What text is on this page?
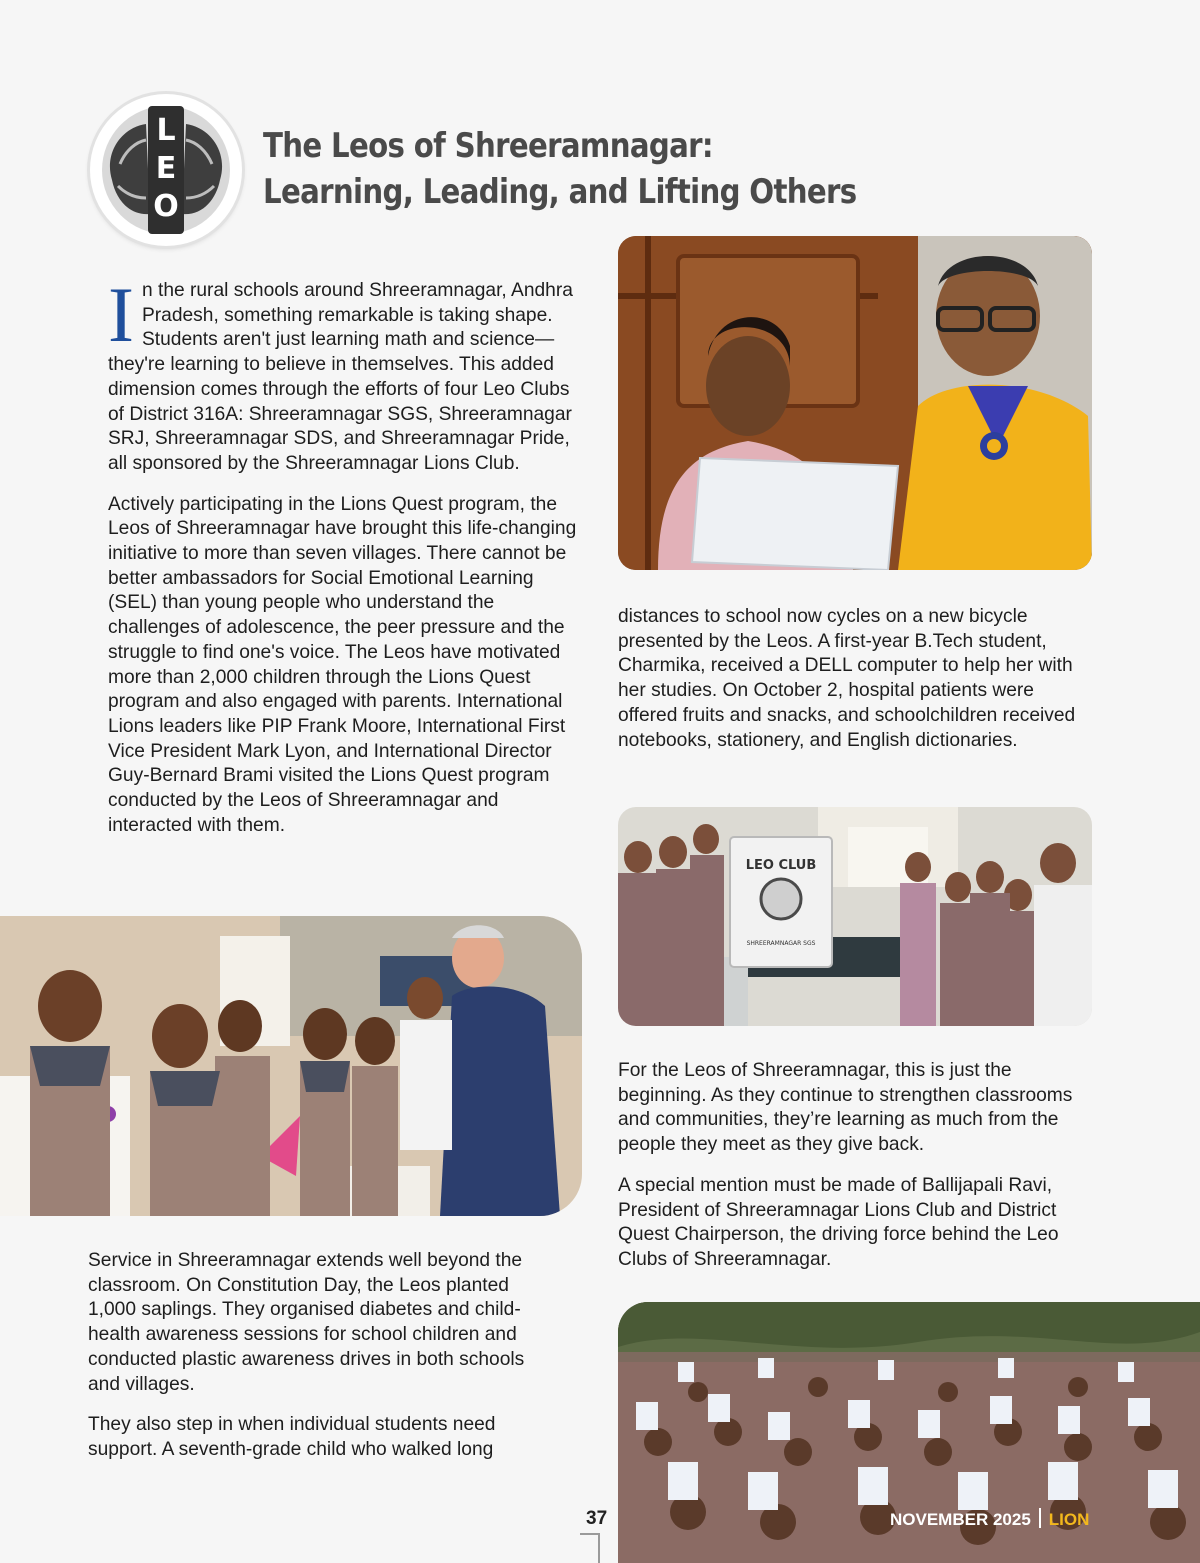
L
E
O
The Leos of Shreeramnagar:
Learning, Leading, and Lifting Others

In the rural schools around Shreeramnagar, Andhra Pradesh, something remarkable is taking shape. Students aren't just learning math and science— they're learning to believe in themselves. This added dimension comes through the efforts of four Leo Clubs of District 316A: Shreeramnagar SGS, Shreeramnagar SRJ, Shreeramnagar SDS, and Shreeramnagar Pride, all sponsored by the Shreeramnagar Lions Club.

Actively participating in the Lions Quest program, the Leos of Shreeramnagar have brought this life-changing initiative to more than seven villages. There cannot be better ambassadors for Social Emotional Learning (SEL) than young people who understand the challenges of adolescence, the peer pressure and the struggle to find one's voice. The Leos have motivated more than 2,000 children through the Lions Quest program and also engaged with parents. International Lions leaders like PIP Frank Moore, International First Vice President Mark Lyon, and International Director Guy-Bernard Brami visited the Lions Quest program conducted by the Leos of Shreeramnagar and interacted with them.

distances to school now cycles on a new bicycle presented by the Leos. A first-year B.Tech student, Charmika, received a DELL computer to help her with her studies. On October 2, hospital patients were offered fruits and snacks, and schoolchildren received notebooks, stationery, and English dictionaries.

LEO CLUB
SHREERAMNAGAR SGS

For the Leos of Shreeramnagar, this is just the beginning. As they continue to strengthen classrooms and communities, they’re learning as much from the people they meet as they give back.

A special mention must be made of Ballijapali Ravi, President of Shreeramnagar Lions Club and District Quest Chairperson, the driving force behind the Leo Clubs of Shreeramnagar.

Service in Shreeramnagar extends well beyond the classroom. On Constitution Day, the Leos planted 1,000 saplings. They organised diabetes and child-health awareness sessions for school children and conducted plastic awareness drives in both schools and villages.

They also step in when individual students need support. A seventh-grade child who walked long

37	NOVEMBER 2025 LION
